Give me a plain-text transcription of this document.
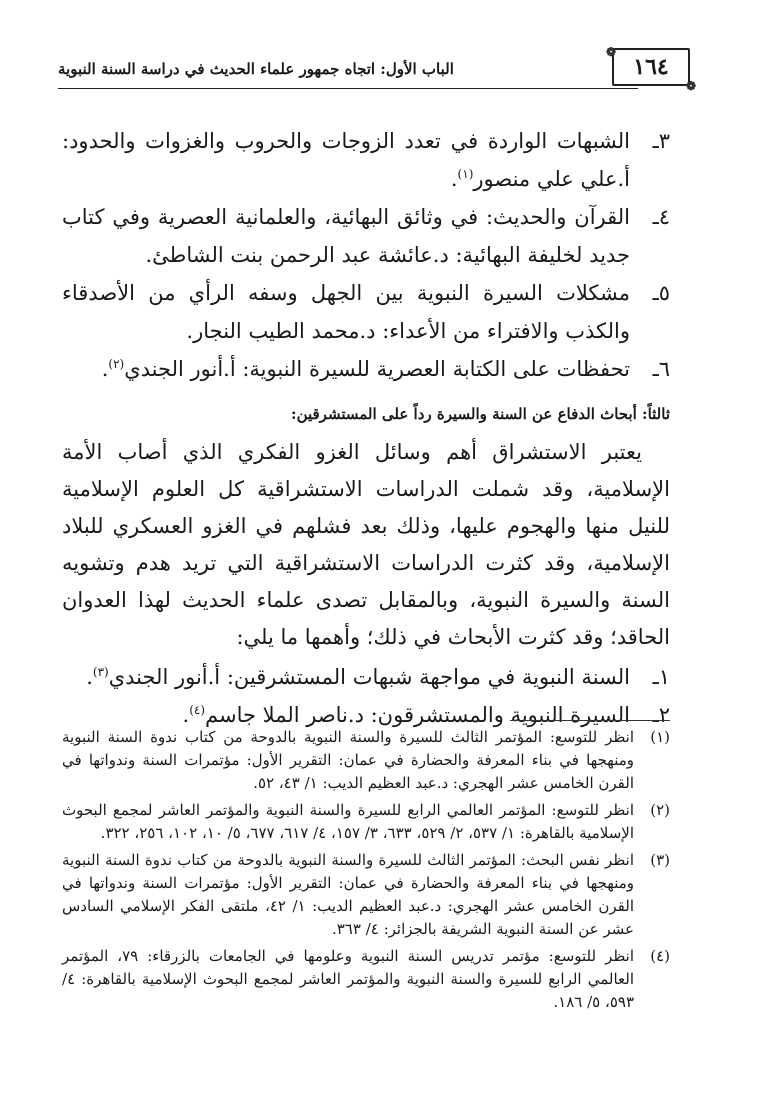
الباب الأول: اتجاه جمهور علماء الحديث في دراسة السنة النبوية
❁
١٦٤
❁
٣ـ
الشبهات الواردة في تعدد الزوجات والحروب والغزوات والحدود: أ.علي علي منصور$^{(١)}$.
٤ـ
القرآن والحديث: في وثائق البهائية، والعلمانية العصرية وفي كتاب جديد لخليفة البهائية: د.عائشة عبد الرحمن بنت الشاطئ.
٥ـ
مشكلات السيرة النبوية بين الجهل وسفه الرأي من الأصدقاء والكذب والافتراء من الأعداء: د.محمد الطيب النجار.
٦ـ
تحفظات على الكتابة العصرية للسيرة النبوية: أ.أنور الجندي$^{(٢)}$.
ثالثاً: أبحاث الدفاع عن السنة والسيرة رداً على المستشرقين:
يعتبر الاستشراق أهم وسائل الغزو الفكري الذي أصاب الأمة الإسلامية، وقد شملت الدراسات الاستشراقية كل العلوم الإسلامية للنيل منها والهجوم عليها، وذلك بعد فشلهم في الغزو العسكري للبلاد الإسلامية، وقد كثرت الدراسات الاستشراقية التي تريد هدم وتشويه السنة والسيرة النبوية، وبالمقابل تصدى علماء الحديث لهذا العدوان الحاقد؛ وقد كثرت الأبحاث في ذلك؛ وأهمها ما يلي:
١ـ
السنة النبوية في مواجهة شبهات المستشرقين: أ.أنور الجندي$^{(٣)}$.
٢ـ
السيرة النبوية والمستشرقون: د.ناصر الملا جاسم$^{(٤)}$.
(١)
انظر للتوسع: المؤتمر الثالث للسيرة والسنة النبوية بالدوحة من كتاب ندوة السنة النبوية ومنهجها في بناء المعرفة والحضارة في عمان: التقرير الأول: مؤتمرات السنة وندواتها في القرن الخامس عشر الهجري: د.عبد العظيم الديب: ١/ ٤٣، ٥٢.
(٢)
انظر للتوسع: المؤتمر العالمي الرابع للسيرة والسنة النبوية والمؤتمر العاشر لمجمع البحوث الإسلامية بالقاهرة: ١/ ٥٣٧، ٢/ ٥٢٩، ٦٣٣، ٣/ ١٥٧، ٤/ ٦١٧، ٦٧٧، ٥/ ١٠، ١٠٢، ٢٥٦، ٣٢٢.
(٣)
انظر نفس البحث: المؤتمر الثالث للسيرة والسنة النبوية بالدوحة من كتاب ندوة السنة النبوية ومنهجها في بناء المعرفة والحضارة في عمان: التقرير الأول: مؤتمرات السنة وندواتها في القرن الخامس عشر الهجري: د.عبد العظيم الديب: ١/ ٤٢، ملتقى الفكر الإسلامي السادس عشر عن السنة النبوية الشريفة بالجزائر: ٤/ ٣٦٣.
(٤)
انظر للتوسع: مؤتمر تدريس السنة النبوية وعلومها في الجامعات بالزرقاء: ٧٩، المؤتمر العالمي الرابع للسيرة والسنة النبوية والمؤتمر العاشر لمجمع البحوث الإسلامية بالقاهرة: ٤/ ٥٩٣، ٥/ ١٨٦.
